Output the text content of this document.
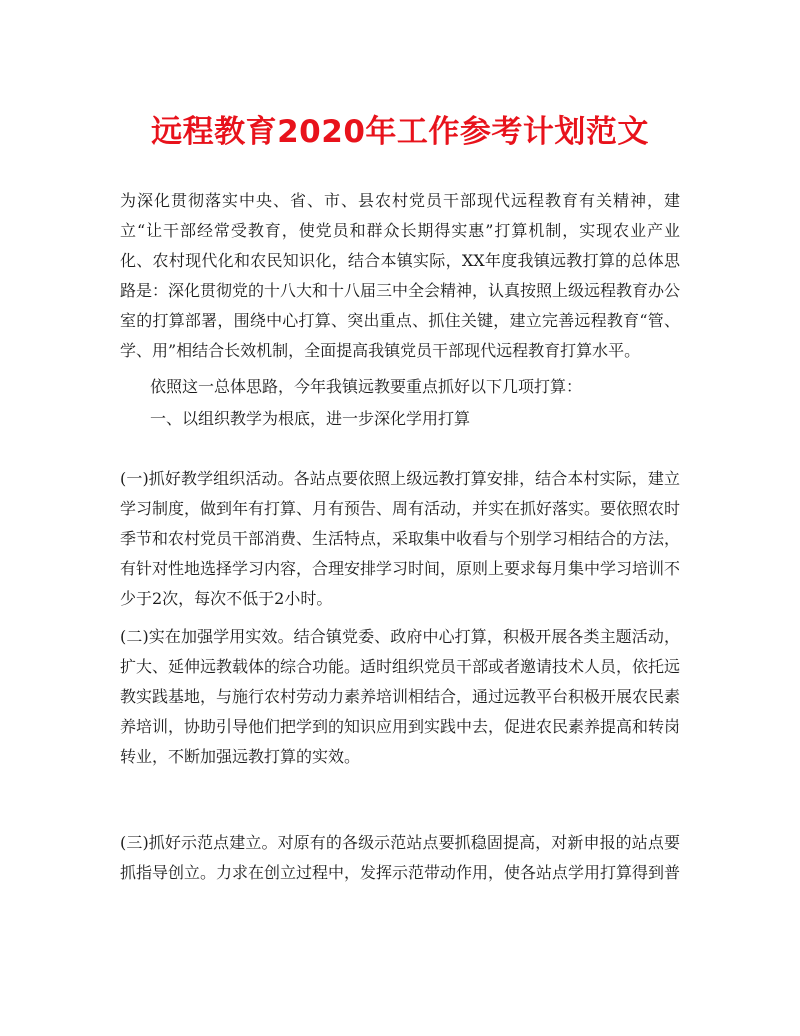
远程教育2020年工作参考计划范文

为深化贯彻落实中央、省、市、县农村党员干部现代远程教育有关精神，建立“让干部经常受教育，使党员和群众长期得实惠”打算机制，实现农业产业化、农村现代化和农民知识化，结合本镇实际，XX年度我镇远教打算的总体思路是：深化贯彻党的十八大和十八届三中全会精神，认真按照上级远程教育办公室的打算部署，围绕中心打算、突出重点、抓住关键，建立完善远程教育“管、学、用”相结合长效机制，全面提高我镇党员干部现代远程教育打算水平。

依照这一总体思路，今年我镇远教要重点抓好以下几项打算：

一、以组织教学为根底，进一步深化学用打算

(一)抓好教学组织活动。各站点要依照上级远教打算安排，结合本村实际，建立学习制度，做到年有打算、月有预告、周有活动，并实在抓好落实。要依照农时季节和农村党员干部消费、生活特点，采取集中收看与个别学习相结合的方法，有针对性地选择学习内容，合理安排学习时间，原则上要求每月集中学习培训不少于2次，每次不低于2小时。

(二)实在加强学用实效。结合镇党委、政府中心打算，积极开展各类主题活动，扩大、延伸远教载体的综合功能。适时组织党员干部或者邀请技术人员，依托远教实践基地，与施行农村劳动力素养培训相结合，通过远教平台积极开展农民素养培训，协助引导他们把学到的知识应用到实践中去，促进农民素养提高和转岗转业，不断加强远教打算的实效。

(三)抓好示范点建立。对原有的各级示范站点要抓稳固提高，对新申报的站点要抓指导创立。力求在创立过程中，发挥示范带动作用，使各站点学用打算得到普
